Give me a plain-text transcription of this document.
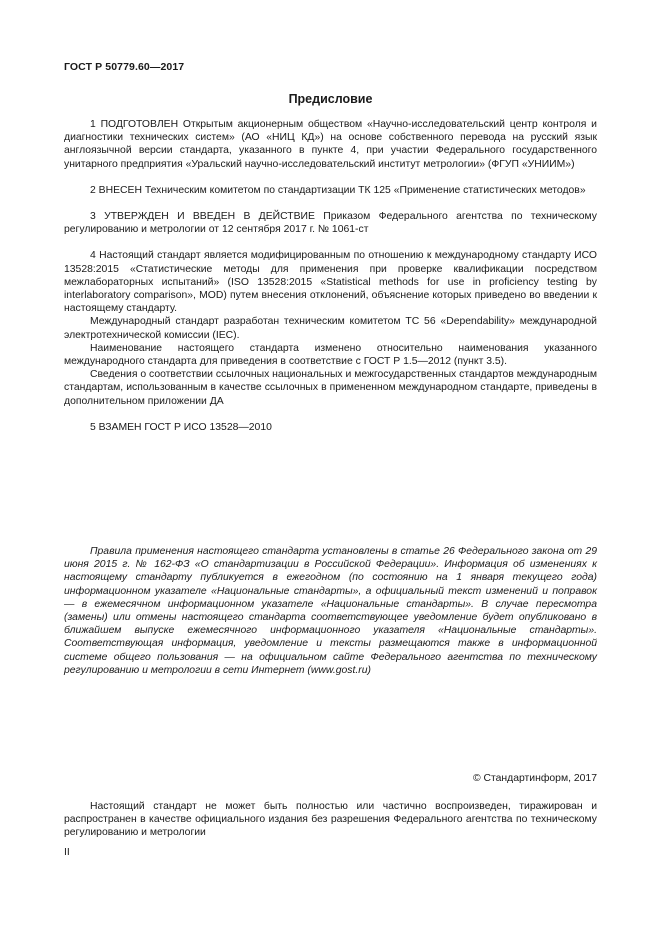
ГОСТ Р 50779.60—2017
Предисловие

1 ПОДГОТОВЛЕН Открытым акционерным обществом «Научно-исследовательский центр контроля и диагностики технических систем» (АО «НИЦ КД») на основе собственного перевода на русский язык англоязычной версии стандарта, указанного в пункте 4, при участии Федерального государственного унитарного предприятия «Уральский научно-исследовательский институт метрологии» (ФГУП «УНИИМ»)

2 ВНЕСЕН Техническим комитетом по стандартизации ТК 125 «Применение статистических методов»

3 УТВЕРЖДЕН И ВВЕДЕН В ДЕЙСТВИЕ Приказом Федерального агентства по техническому регулированию и метрологии от 12 сентября 2017 г. № 1061-ст

4 Настоящий стандарт является модифицированным по отношению к международному стандарту ИСО 13528:2015 «Статистические методы для применения при проверке квалификации посредством межлабораторных испытаний» (ISO 13528:2015 «Statistical methods for use in proficiency testing by interlaboratory comparison», MOD) путем внесения отклонений, объяснение которых приведено во введении к настоящему стандарту.

Международный стандарт разработан техническим комитетом ТС 56 «Dependability» международной электротехнической комиссии (IEC).

Наименование настоящего стандарта изменено относительно наименования указанного международного стандарта для приведения в соответствие с ГОСТ Р 1.5—2012 (пункт 3.5).

Сведения о соответствии ссылочных национальных и межгосударственных стандартов международным стандартам, использованным в качестве ссылочных в примененном международном стандарте, приведены в дополнительном приложении ДА

5 ВЗАМЕН ГОСТ Р ИСО 13528—2010

Правила применения настоящего стандарта установлены в статье 26 Федерального закона от 29 июня 2015 г. № 162-ФЗ «О стандартизации в Российской Федерации». Информация об изменениях к настоящему стандарту публикуется в ежегодном (по состоянию на 1 января текущего года) информационном указателе «Национальные стандарты», а официальный текст изменений и поправок — в ежемесячном информационном указателе «Национальные стандарты». В случае пересмотра (замены) или отмены настоящего стандарта соответствующее уведомление будет опубликовано в ближайшем выпуске ежемесячного информационного указателя «Национальные стандарты». Соответствующая информация, уведомление и тексты размещаются также в информационной системе общего пользования — на официальном сайте Федерального агентства по техническому регулированию и метрологии в сети Интернет (www.gost.ru)

© Стандартинформ, 2017

Настоящий стандарт не может быть полностью или частично воспроизведен, тиражирован и распространен в качестве официального издания без разрешения Федерального агентства по техническому регулированию и метрологии

II
